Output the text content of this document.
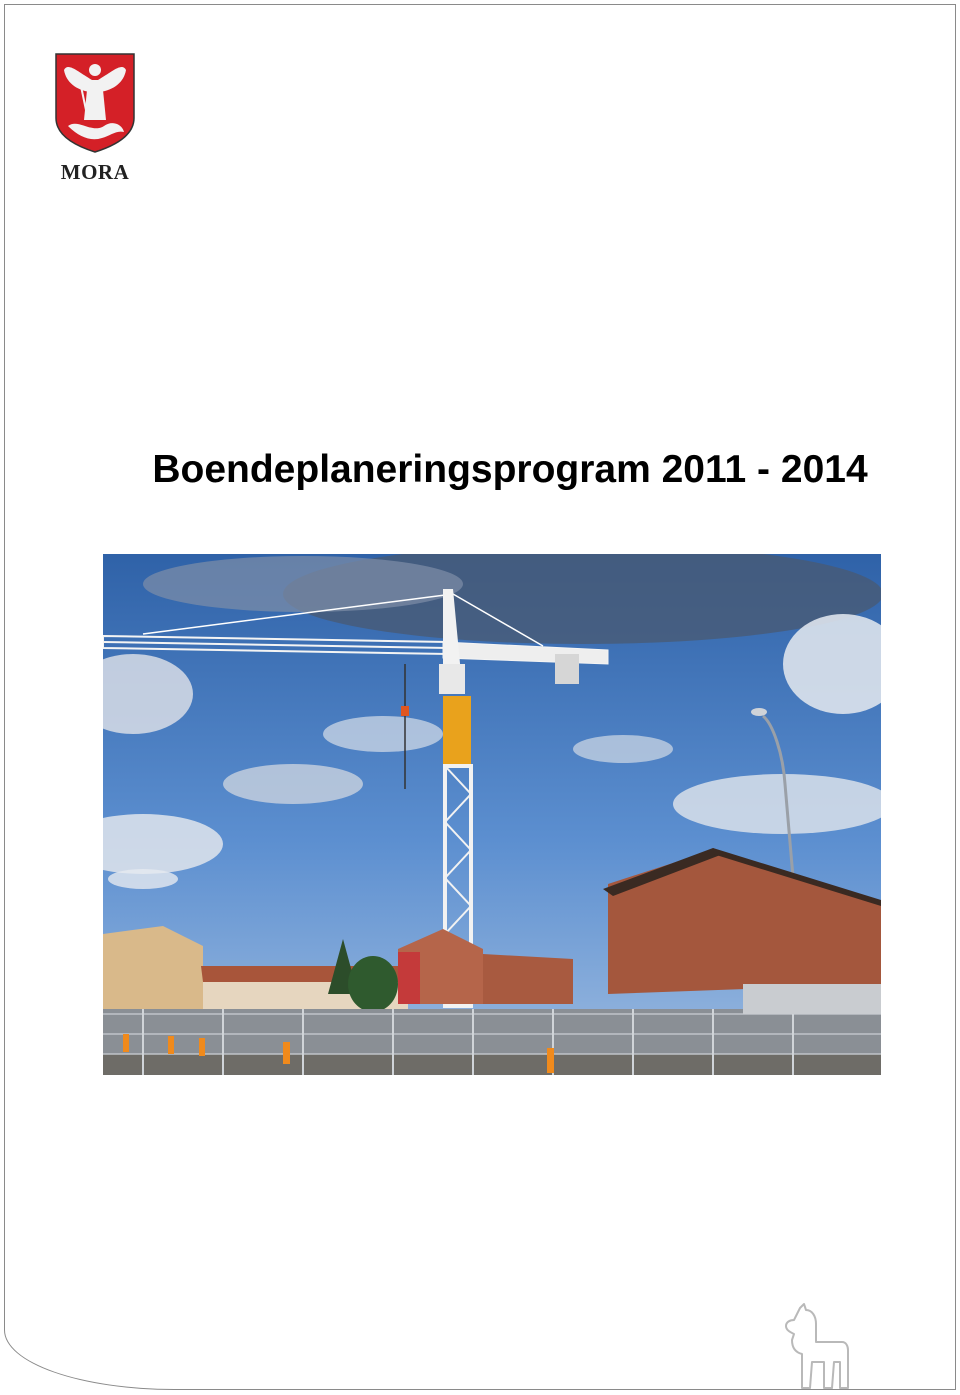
MORA
Boendeplaneringsprogram 2011 - 2014
